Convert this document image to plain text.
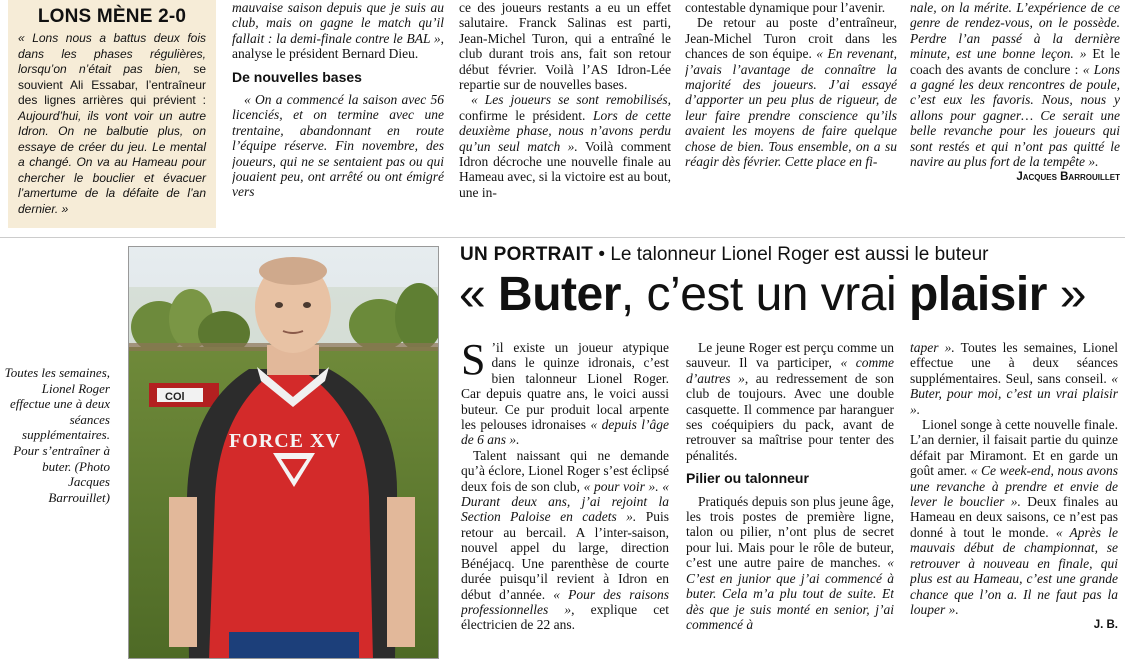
LONS MÈNE 2-0

« Lons nous a battus deux fois dans les phases régulières, lorsqu’on n’était pas bien, se souvient Ali Essabar, l’entraîneur des lignes arrières qui prévient : Aujourd’hui, ils vont voir un autre Idron. On ne balbutie plus, on essaye de créer du jeu. Le mental a changé. On va au Hameau pour chercher le bouclier et évacuer l’amertume de la défaite de l’an dernier. »

mauvaise saison depuis que je suis au club, mais on gagne le match qu’il fallait : la demi-finale contre le BAL », analyse le président Bernard Dieu.

De nouvelles bases

« On a commencé la saison avec 56 licenciés, et on termine avec une trentaine, abandonnant en route l’équipe réserve. Fin novembre, des joueurs, qui ne se sentaient pas ou qui jouaient peu, ont arrêté ou ont émigré vers

ce des joueurs restants a eu un effet salutaire. Franck Salinas est parti, Jean-Michel Turon, qui a entraîné le club durant trois ans, fait son retour début février. Voilà l’AS Idron-Lée repartie sur de nouvelles bases.

« Les joueurs se sont remobilisés, confirme le président. Lors de cette deuxième phase, nous n’avons perdu qu’un seul match ». Voilà comment Idron décroche une nouvelle finale au Hameau avec, si la victoire est au bout, une in-

contestable dynamique pour l’avenir.

De retour au poste d’entraîneur, Jean-Michel Turon croit dans les chances de son équipe. « En revenant, j’avais l’avantage de connaître la majorité des joueurs. J’ai essayé d’apporter un peu plus de rigueur, de leur faire prendre conscience qu’ils avaient les moyens de faire quelque chose de bien. Tous ensemble, on a su réagir dès février. Cette place en fi-

nale, on la mérite. L’expérience de ce genre de rendez-vous, on le possède. Perdre l’an passé à la dernière minute, est une bonne leçon. » Et le coach des avants de conclure : « Lons a gagné les deux rencontres de poule, c’est eux les favoris. Nous, nous y allons pour gagner… Ce serait une belle revanche pour les joueurs qui sont restés et qui n’ont pas quitté le navire au plus fort de la tempête ».

Jacques Barrouillet
Toutes les semaines, Lionel Roger effectue une à deux séances supplémentaires. Pour s’entraîner à buter. (Photo Jacques Barrouillet)
COl
FORCE XV
UN PORTRAIT • Le talonneur Lionel Roger est aussi le buteur
« Buter, c’est un vrai plaisir »

S ’il existe un joueur atypique dans le quinze idronais, c’est bien talonneur Lionel Roger. Car depuis quatre ans, le voici aussi buteur. Ce pur produit local arpente les pelouses idronaises « depuis l’âge de 6 ans ».

Talent naissant qui ne demande qu’à éclore, Lionel Roger s’est éclipsé deux fois de son club, « pour voir ». « Durant deux ans, j’ai rejoint la Section Paloise en cadets ». Puis retour au bercail. A l’inter-saison, nouvel appel du large, direction Bénéjacq. Une parenthèse de courte durée puisqu’il revient à Idron en début d’année. « Pour des raisons professionnelles », explique cet électricien de 22 ans.

Le jeune Roger est perçu comme un sauveur. Il va participer, « comme d’autres », au redressement de son club de toujours. Avec une double casquette. Il commence par haranguer ses coéquipiers du pack, avant de retrouver sa maîtrise pour tenter des pénalités.

Pilier ou talonneur

Pratiqués depuis son plus jeune âge, les trois postes de première ligne, talon ou pilier, n’ont plus de secret pour lui. Mais pour le rôle de buteur, c’est une autre paire de manches. « C’est en junior que j’ai commencé à buter. Cela m’a plu tout de suite. Et dès que je suis monté en senior, j’ai commencé à

taper ». Toutes les semaines, Lionel effectue une à deux séances supplémentaires. Seul, sans conseil. « Buter, pour moi, c’est un vrai plaisir ».

Lionel songe à cette nouvelle finale. L’an dernier, il faisait partie du quinze défait par Miramont. Et en garde un goût amer. « Ce week-end, nous avons une revanche à prendre et envie de lever le bouclier ». Deux finales au Hameau en deux saisons, ce n’est pas donné à tout le monde. « Après le mauvais début de championnat, se retrouver à nouveau en finale, qui plus est au Hameau, c’est une grande chance que l’on a. Il ne faut pas la louper ».

J. B.
